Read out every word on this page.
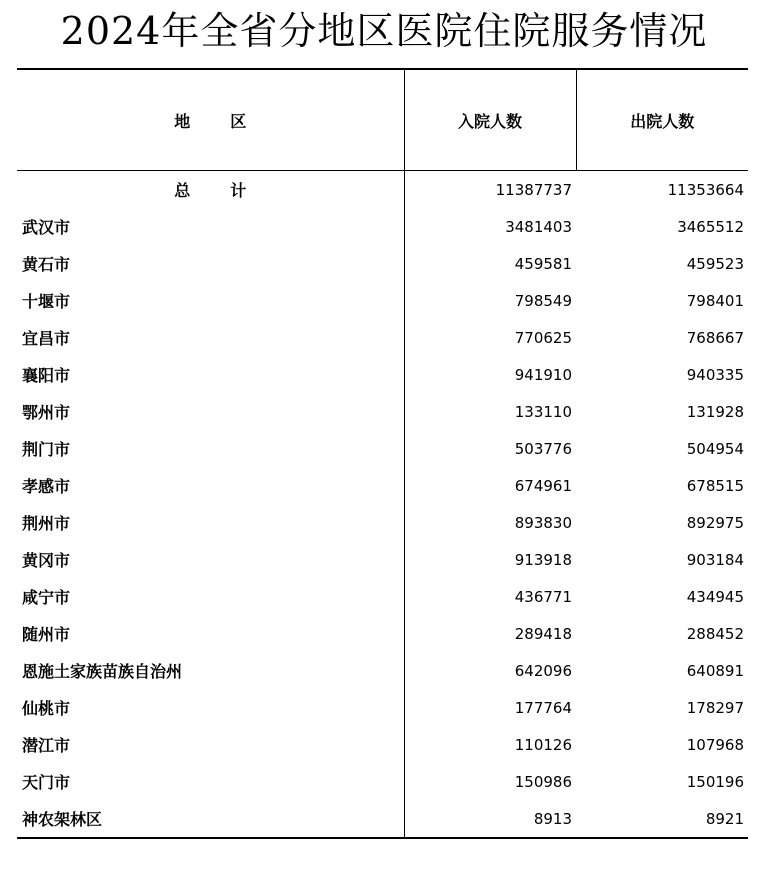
2024年全省分地区医院住院服务情况
地区	入院人数	出院人数
总计	11387737	11353664
武汉市	3481403	3465512
黄石市	459581	459523
十堰市	798549	798401
宜昌市	770625	768667
襄阳市	941910	940335
鄂州市	133110	131928
荆门市	503776	504954
孝感市	674961	678515
荆州市	893830	892975
黄冈市	913918	903184
咸宁市	436771	434945
随州市	289418	288452
恩施土家族苗族自治州	642096	640891
仙桃市	177764	178297
潜江市	110126	107968
天门市	150986	150196
神农架林区	8913	8921
